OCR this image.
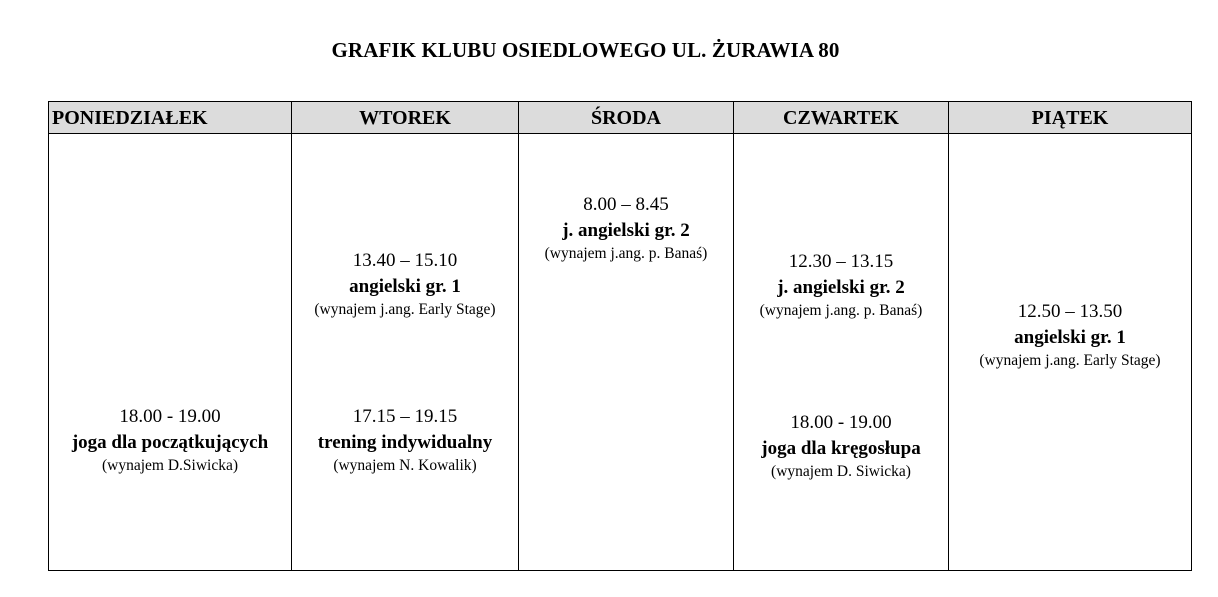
GRAFIK KLUBU OSIEDLOWEGO UL. ŻURAWIA 80
PONIEDZIAŁEK
18.00 - 19.00
joga dla początkujących
(wynajem D.Siwicka)
WTOREK
13.40 – 15.10
angielski gr. 1
(wynajem j.ang. Early Stage)
17.15 – 19.15
trening indywidualny
(wynajem N. Kowalik)
ŚRODA
8.00 – 8.45
j. angielski gr. 2
(wynajem j.ang. p. Banaś)
CZWARTEK
12.30 – 13.15
j. angielski gr. 2
(wynajem j.ang. p. Banaś)
18.00 - 19.00
joga dla kręgosłupa
(wynajem D. Siwicka)
PIĄTEK
12.50 – 13.50
angielski gr. 1
(wynajem j.ang. Early Stage)
